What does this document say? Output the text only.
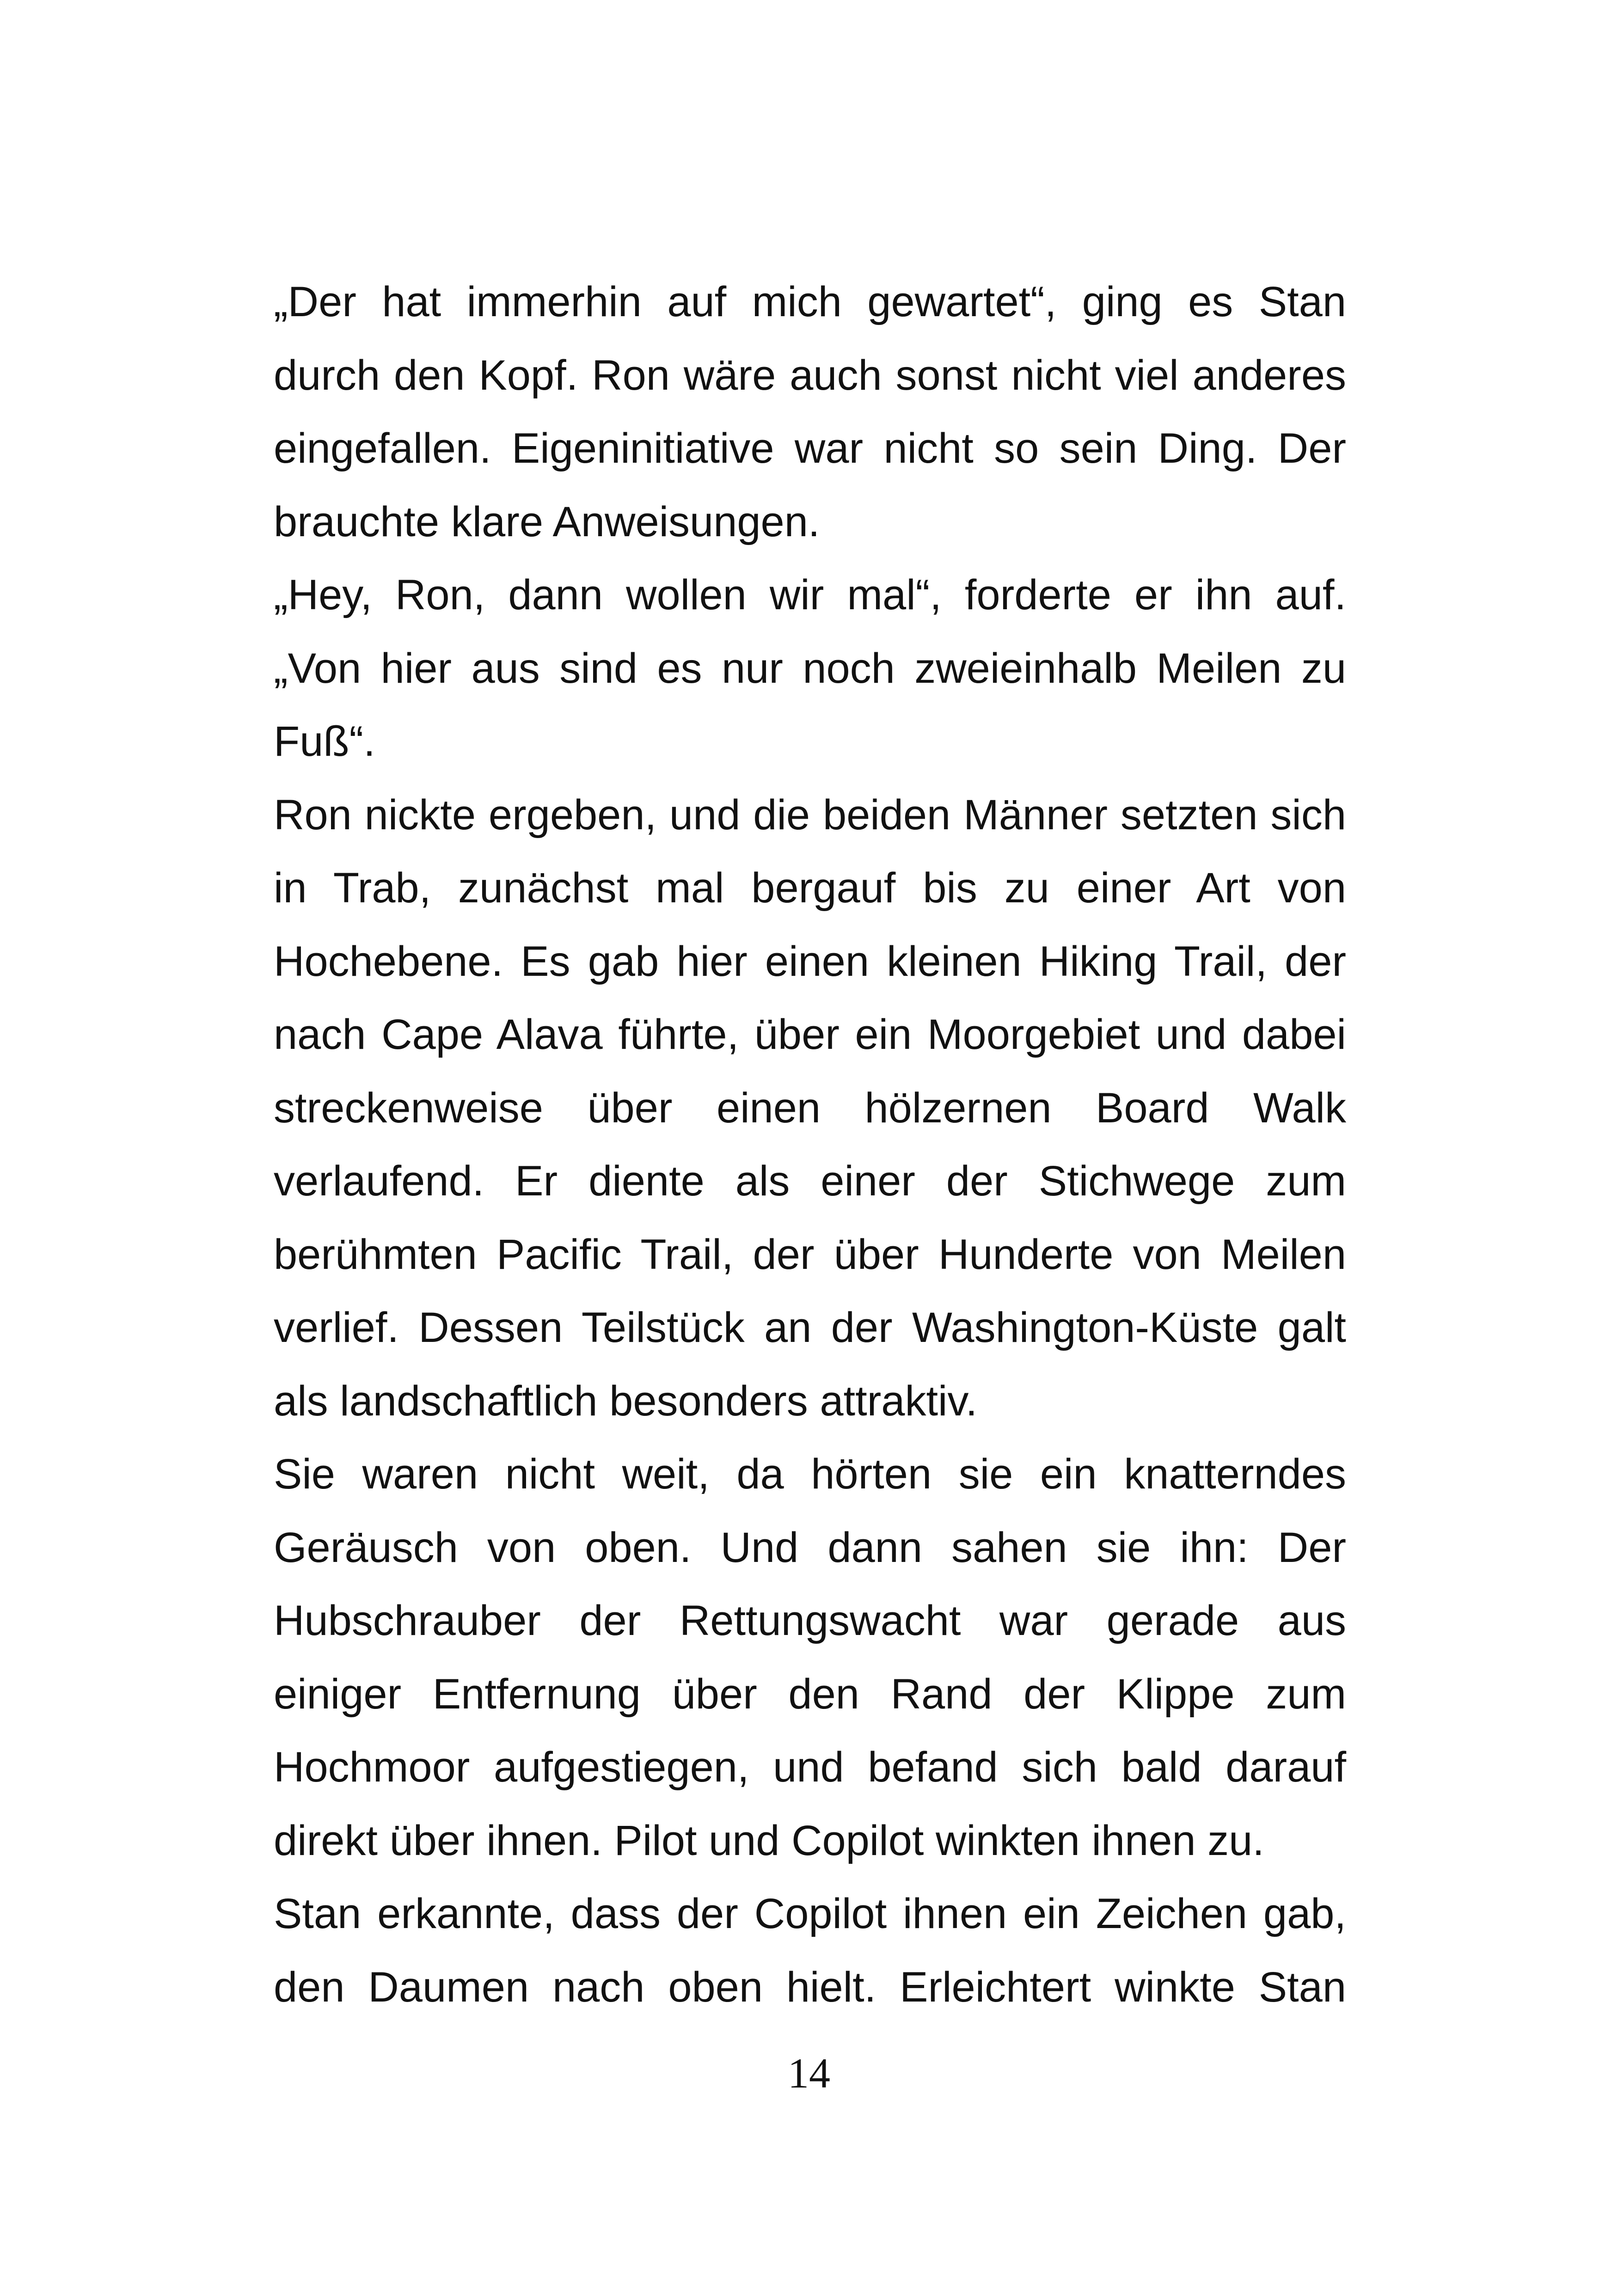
„Der hat immerhin auf mich gewartet“, ging es Stan
durch den Kopf. Ron wäre auch sonst nicht viel anderes
eingefallen. Eigeninitiative war nicht so sein Ding. Der
brauchte klare Anweisungen.
„Hey, Ron, dann wollen wir mal“, forderte er ihn auf.
„Von hier aus sind es nur noch zweieinhalb Meilen zu
Fuß“.
Ron nickte ergeben, und die beiden Männer setzten sich
in Trab, zunächst mal bergauf bis zu einer Art von
Hochebene. Es gab hier einen kleinen Hiking Trail, der
nach Cape Alava führte, über ein Moorgebiet und dabei
streckenweise über einen hölzernen Board Walk
verlaufend. Er diente als einer der Stichwege zum
berühmten Pacific Trail, der über Hunderte von Meilen
verlief. Dessen Teilstück an der Washington-Küste galt
als landschaftlich besonders attraktiv.
Sie waren nicht weit, da hörten sie ein knatterndes
Geräusch von oben. Und dann sahen sie ihn: Der
Hubschrauber der Rettungswacht war gerade aus
einiger Entfernung über den Rand der Klippe zum
Hochmoor aufgestiegen, und befand sich bald darauf
direkt über ihnen. Pilot und Copilot winkten ihnen zu.
Stan erkannte, dass der Copilot ihnen ein Zeichen gab,
den Daumen nach oben hielt. Erleichtert winkte Stan
14
